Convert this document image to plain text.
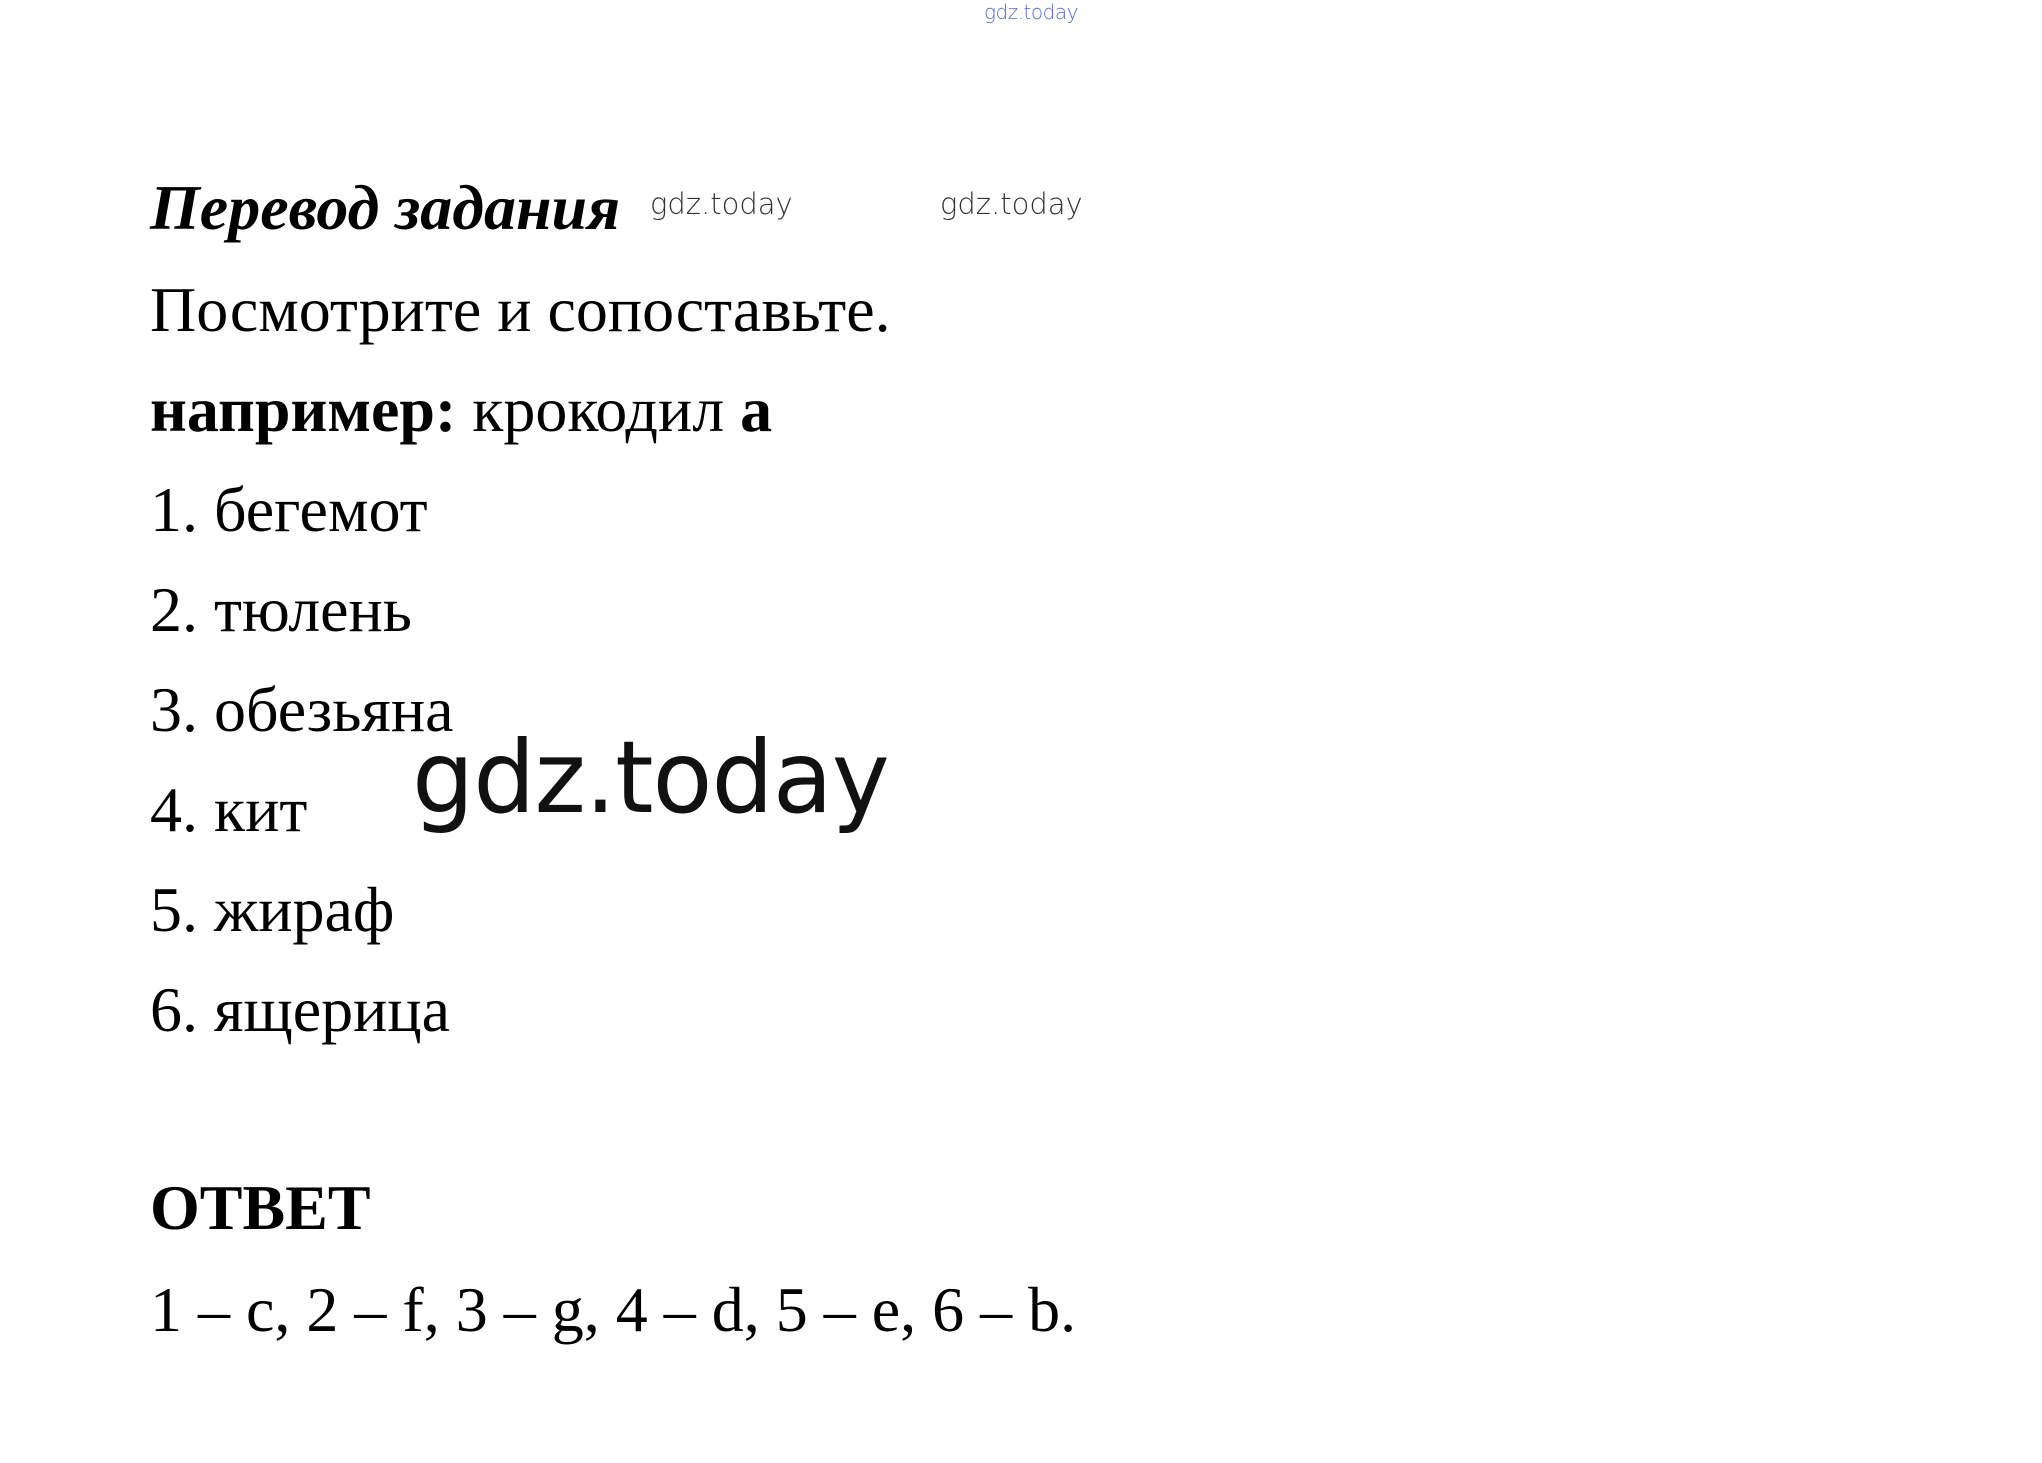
gdz.today
Перевод задания gdz.today	gdz.today
Посмотрите и сопоставьте.
например: крокодил a
1. бегемот
2. тюлень
3. обезьяна
4. кит
5. жираф
6. ящерица
gdz.today
ОТВЕТ
1 – c, 2 – f, 3 – g, 4 – d, 5 – e, 6 – b.
